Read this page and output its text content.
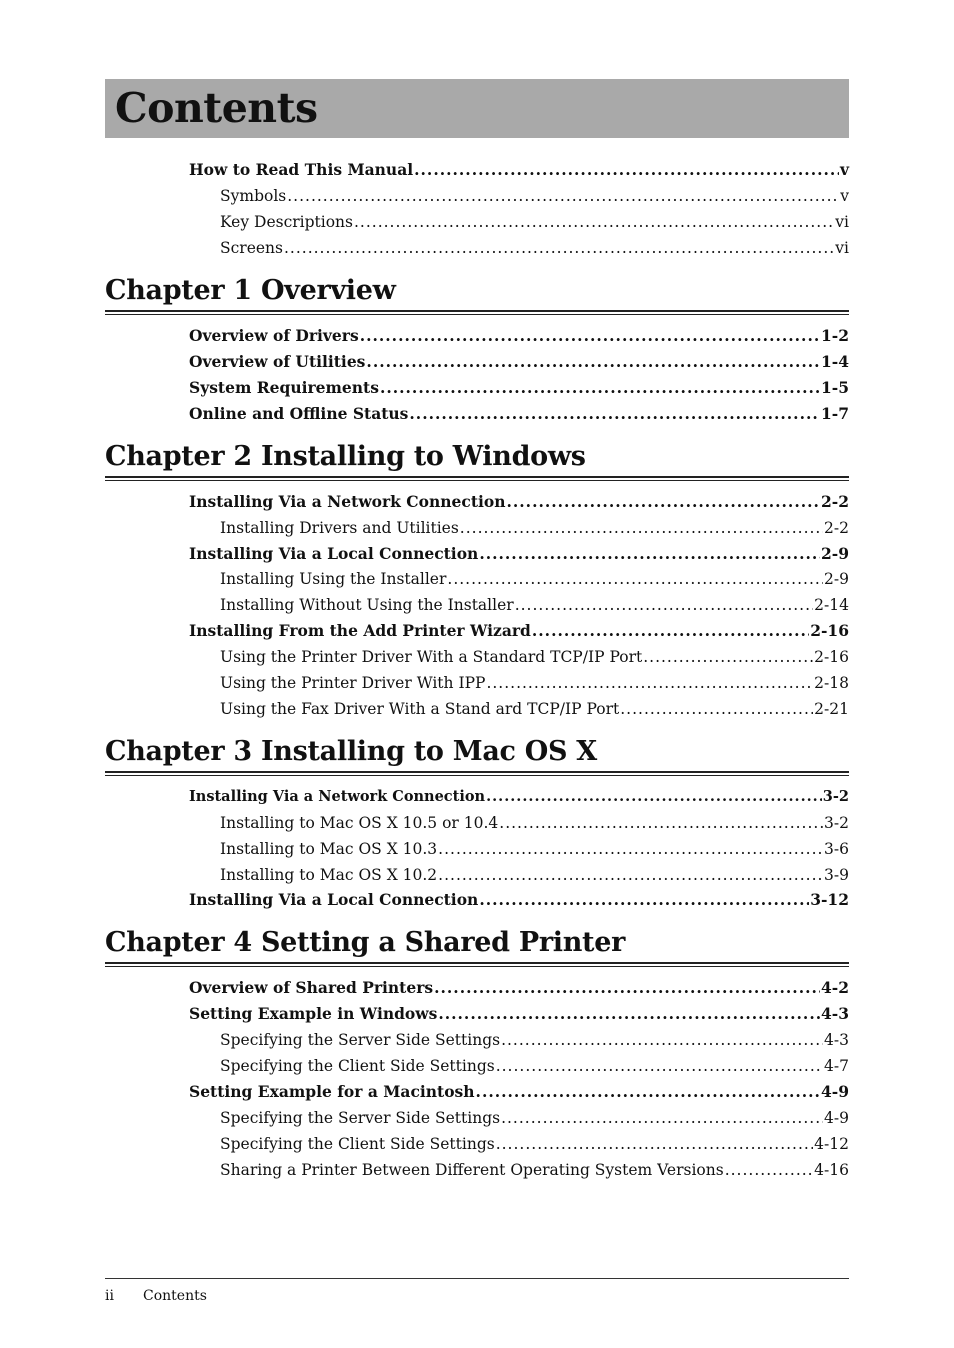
Contents
How to Read This Manual .....	v
Symbols .....	v
Key Descriptions .....	vi
Screens .....	vi
Chapter 1 Overview
Overview of Drivers .....	1-2
Overview of Utilities .....	1-4
System Requirements .....	1-5
Online and Offline Status .....	1-7
Chapter 2 Installing to Windows
Installing Via a Network Connection .....	2-2
Installing Drivers and Utilities .....	2-2
Installing Via a Local Connection .....	2-9
Installing Using the Installer .....	2-9
Installing Without Using the Installer .....	2-14
Installing From the Add Printer Wizard .....	2-16
Using the Printer Driver With a Standard TCP/IP Port .....	2-16
Using the Printer Driver With IPP .....	2-18
Using the Fax Driver With a Stand ard TCP/IP Port .....	2-21
Chapter 3 Installing to Mac OS X
Installing Via a Network Connection .....	3-2
Installing to Mac OS X 10.5 or 10.4 .....	3-2
Installing to Mac OS X 10.3 .....	3-6
Installing to Mac OS X 10.2 .....	3-9
Installing Via a Local Connection .....	3-12
Chapter 4 Setting a Shared Printer
Overview of Shared Printers .....	4-2
Setting Example in Windows .....	4-3
Specifying the Server Side Settings .....	4-3
Specifying the Client Side Settings .....	4-7
Setting Example for a Macintosh .....	4-9
Specifying the Server Side Settings .....	4-9
Specifying the Client Side Settings .....	4-12
Sharing a Printer Between Different Operating System Versions .....	4-16
ii Contents
